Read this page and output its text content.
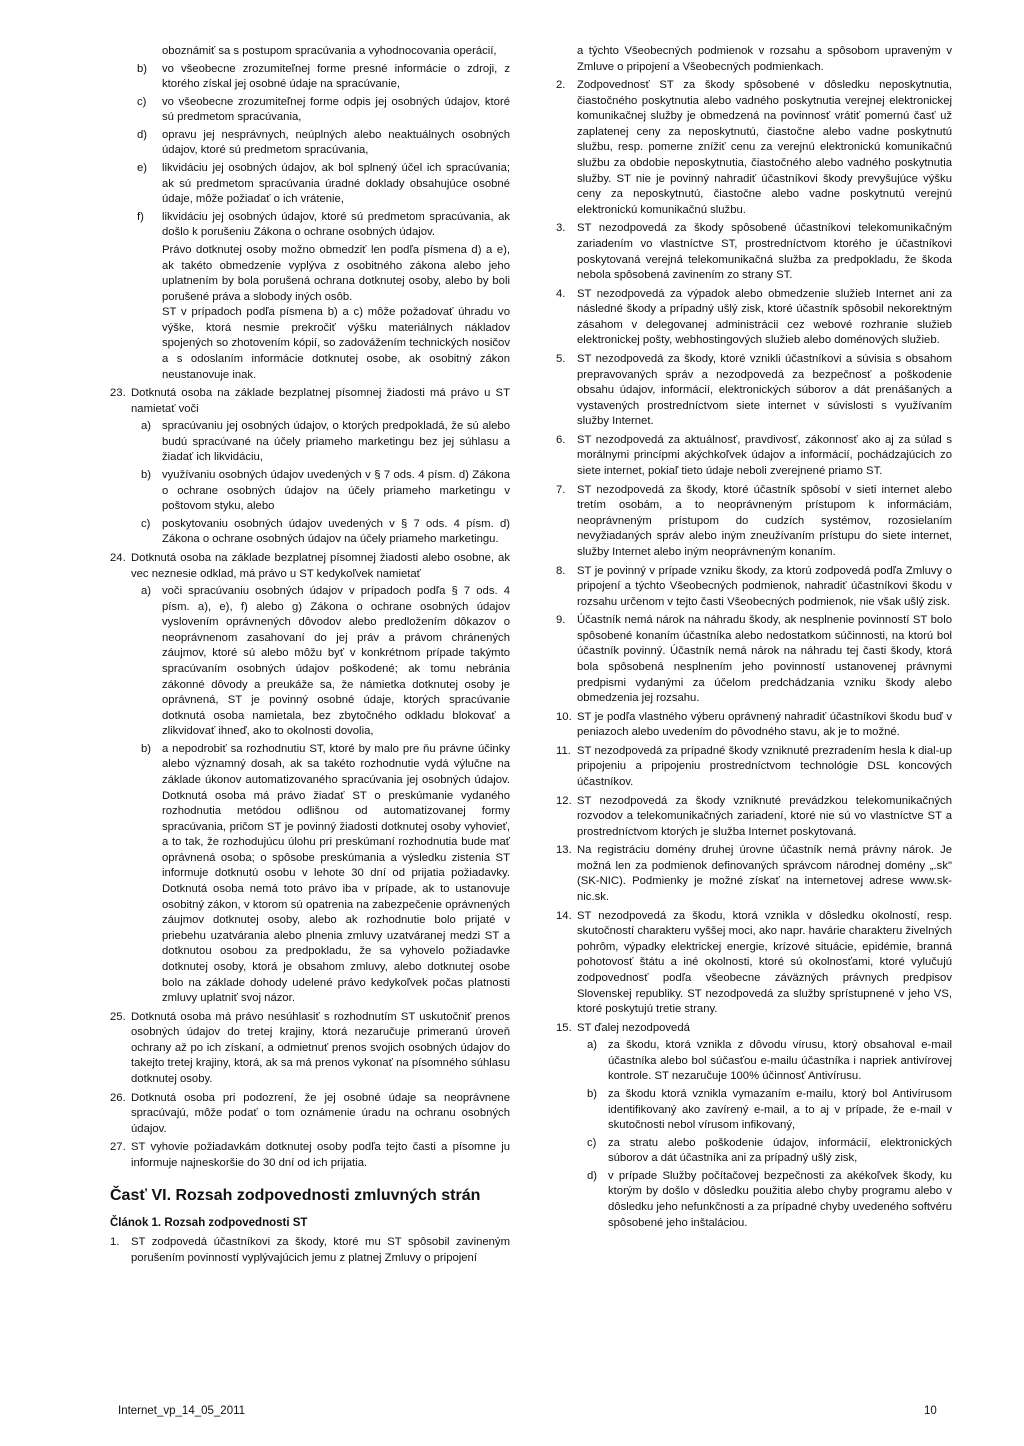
oboznámiť sa s postupom spracúvania a vyhodnocovania operácií,
b) vo všeobecne zrozumiteľnej forme presné informácie o zdroji, z ktorého získal jej osobné údaje na spracúvanie,
c) vo všeobecne zrozumiteľnej forme odpis jej osobných údajov, ktoré sú predmetom spracúvania,
d) opravu jej nesprávnych, neúplných alebo neaktuálnych osobných údajov, ktoré sú predmetom spracúvania,
e) likvidáciu jej osobných údajov, ak bol splnený účel ich spracúvania; ak sú predmetom spracúvania úradné doklady obsahujúce osobné údaje, môže požiadať o ich vrátenie,
f) likvidáciu jej osobných údajov, ktoré sú predmetom spracúvania, ak došlo k porušeniu Zákona o ochrane osobných údajov.
Právo dotknutej osoby možno obmedziť len podľa písmena d) a e), ak takéto obmedzenie vyplýva z osobitného zákona alebo jeho uplatnením by bola porušená ochrana dotknutej osoby, alebo by boli porušené práva a slobody iných osôb.
ST v prípadoch podľa písmena b) a c) môže požadovať úhradu vo výške, ktorá nesmie prekročiť výšku materiálnych nákladov spojených so zhotovením kópií, so zadovážením technických nosičov a s odoslaním informácie dotknutej osobe, ak osobitný zákon neustanovuje inak.
23. Dotknutá osoba na základe bezplatnej písomnej žiadosti má právo u ST namietať voči
a) spracúvaniu jej osobných údajov, o ktorých predpokladá, že sú alebo budú spracúvané na účely priameho marketingu bez jej súhlasu a žiadať ich likvidáciu,
b) využívaniu osobných údajov uvedených v § 7 ods. 4 písm. d) Zákona o ochrane osobných údajov na účely priameho marketingu v poštovom styku, alebo
c) poskytovaniu osobných údajov uvedených v § 7 ods. 4 písm. d) Zákona o ochrane osobných údajov na účely priameho marketingu.
24. Dotknutá osoba na základe bezplatnej písomnej žiadosti alebo osobne, ak vec neznesie odklad, má právo u ST kedykoľvek namietať
a) voči spracúvaniu osobných údajov v prípadoch podľa § 7 ods. 4 písm. a), e), f) alebo g) Zákona o ochrane osobných údajov vyslovením oprávnených dôvodov alebo predložením dôkazov o neoprávnenom zasahovaní do jej práv a právom chránených záujmov, ktoré sú alebo môžu byť v konkrétnom prípade takýmto spracúvaním osobných údajov poškodené; ak tomu nebránia zákonné dôvody a preukáže sa, že námietka dotknutej osoby je oprávnená, ST je povinný osobné údaje, ktorých spracúvanie dotknutá osoba namietala, bez zbytočného odkladu blokovať a zlikvidovať ihneď, ako to okolnosti dovolia,
b) a nepodrobiť sa rozhodnutiu ST, ktoré by malo pre ňu právne účinky alebo významný dosah, ak sa takéto rozhodnutie vydá výlučne na základe úkonov automatizovaného spracúvania jej osobných údajov. Dotknutá osoba má právo žiadať ST o preskúmanie vydaného rozhodnutia metódou odlišnou od automatizovanej formy spracúvania, pričom ST je povinný žiadosti dotknutej osoby vyhovieť, a to tak, že rozhodujúcu úlohu pri preskúmaní rozhodnutia bude mať oprávnená osoba; o spôsobe preskúmania a výsledku zistenia ST informuje dotknutú osobu v lehote 30 dní od prijatia požiadavky. Dotknutá osoba nemá toto právo iba v prípade, ak to ustanovuje osobitný zákon, v ktorom sú opatrenia na zabezpečenie oprávnených záujmov dotknutej osoby, alebo ak rozhodnutie bolo prijaté v priebehu uzatvárania alebo plnenia zmluvy uzatváranej medzi ST a dotknutou osobou za predpokladu, že sa vyhovelo požiadavke dotknutej osoby, ktorá je obsahom zmluvy, alebo dotknutej osobe bolo na základe dohody udelené právo kedykoľvek počas platnosti zmluvy uplatniť svoj názor.
25. Dotknutá osoba má právo nesúhlasiť s rozhodnutím ST uskutočniť prenos osobných údajov do tretej krajiny, ktorá nezaručuje primeranú úroveň ochrany až po ich získaní, a odmietnuť prenos svojich osobných údajov do takejto tretej krajiny, ktorá, ak sa má prenos vykonať na písomného súhlasu dotknutej osoby.
26. Dotknutá osoba pri podozrení, že jej osobné údaje sa neoprávnene spracúvajú, môže podať o tom oznámenie úradu na ochranu osobných údajov.
27. ST vyhovie požiadavkám dotknutej osoby podľa tejto časti a písomne ju informuje najneskoršie do 30 dní od ich prijatia.
Časť VI. Rozsah zodpovednosti zmluvných strán
Článok 1. Rozsah zodpovednosti ST
1. ST zodpovedá účastníkovi za škody, ktoré mu ST spôsobil zavineným porušením povinností vyplývajúcich jemu z platnej Zmluvy o pripojení
a týchto Všeobecných podmienok v rozsahu a spôsobom upraveným v Zmluve o pripojení a Všeobecných podmienkach.
2. Zodpovednosť ST za škody spôsobené v dôsledku neposkytnutia, čiastočného poskytnutia alebo vadného poskytnutia verejnej elektronickej komunikačnej služby je obmedzená na povinnosť vrátiť pomernú časť už zaplatenej ceny za neposkytnutú, čiastočne alebo vadne poskytnutú službu, resp. pomerne znížiť cenu za verejnú elektronickú komunikačnú službu za obdobie neposkytnutia, čiastočného alebo vadného poskytnutia služby. ST nie je povinný nahradiť účastníkovi škody prevyšujúce výšku ceny za neposkytnutú, čiastočne alebo vadne poskytnutú verejnú elektronickú komunikačnú službu.
3. ST nezodpovedá za škody spôsobené účastníkovi telekomunikačným zariadením vo vlastníctve ST, prostredníctvom ktorého je účastníkovi poskytovaná verejná telekomunikačná služba za predpokladu, že škoda nebola spôsobená zavinením zo strany ST.
4. ST nezodpovedá za výpadok alebo obmedzenie služieb Internet ani za následné škody a prípadný ušlý zisk, ktoré účastník spôsobil nekorektným zásahom v delegovanej administrácii cez webové rozhranie služieb elektronickej pošty, webhostingových služieb alebo doménových služieb.
5. ST nezodpovedá za škody, ktoré vznikli účastníkovi a súvisia s obsahom prepravovaných správ a nezodpovedá za bezpečnosť a poškodenie obsahu údajov, informácií, elektronických súborov a dát prenášaných a vystavených prostredníctvom siete internet v súvislosti s využívaním služby Internet.
6. ST nezodpovedá za aktuálnosť, pravdivosť, zákonnosť ako aj za súlad s morálnymi princípmi akýchkoľvek údajov a informácií, pochádzajúcich zo siete internet, pokiaľ tieto údaje neboli zverejnené priamo ST.
7. ST nezodpovedá za škody, ktoré účastník spôsobí v sieti internet alebo tretím osobám, a to neoprávneným prístupom k informáciám, neoprávneným prístupom do cudzích systémov, rozosielaním nevyžiadaných správ alebo iným zneužívaním prístupu do siete internet, služby Internet alebo iným neoprávneným konaním.
8. ST je povinný v prípade vzniku škody, za ktorú zodpovedá podľa Zmluvy o pripojení a týchto Všeobecných podmienok, nahradiť účastníkovi škodu v rozsahu určenom v tejto časti Všeobecných podmienok, nie však ušlý zisk.
9. Účastník nemá nárok na náhradu škody, ak nesplnenie povinností ST bolo spôsobené konaním účastníka alebo nedostatkom súčinnosti, na ktorú bol účastník povinný. Účastník nemá nárok na náhradu tej časti škody, ktorá bola spôsobená nesplnením jeho povinností ustanovenej právnymi predpismi vydanými za účelom predchádzania vzniku škody alebo obmedzenia jej rozsahu.
10. ST je podľa vlastného výberu oprávnený nahradiť účastníkovi škodu buď v peniazoch alebo uvedením do pôvodného stavu, ak je to možné.
11. ST nezodpovedá za prípadné škody vzniknuté prezradením hesla k dial-up pripojeniu a pripojeniu prostredníctvom technológie DSL koncových účastníkov.
12. ST nezodpovedá za škody vzniknuté prevádzkou telekomunikačných rozvodov a telekomunikačných zariadení, ktoré nie sú vo vlastníctve ST a prostredníctvom ktorých je služba Internet poskytovaná.
13. Na registráciu domény druhej úrovne účastník nemá právny nárok. Je možná len za podmienok definovaných správcom národnej domény „.sk" (SK-NIC). Podmienky je možné získať na internetovej adrese www.sk-nic.sk.
14. ST nezodpovedá za škodu, ktorá vznikla v dôsledku okolností, resp. skutočností charakteru vyššej moci, ako napr. havárie charakteru živelných pohrôm, výpadky elektrickej energie, krízové situácie, epidémie, branná pohotovosť štátu a iné okolnosti, ktoré sú okolnosťami, ktoré vylučujú zodpovednosť podľa všeobecne záväzných právnych predpisov Slovenskej republiky. ST nezodpovedá za služby sprístupnené v jeho VS, ktoré poskytujú tretie strany.
15. ST ďalej nezodpovedá
a) za škodu, ktorá vznikla z dôvodu vírusu, ktorý obsahoval e-mail účastníka alebo bol súčasťou e-mailu účastníka i napriek antivírovej kontrole. ST nezaručuje 100% účinnosť Antivírusu.
b) za škodu ktorá vznikla vymazaním e-mailu, ktorý bol Antivírusom identifikovaný ako zavírený e-mail, a to aj v prípade, že e-mail v skutočnosti nebol vírusom infikovaný,
c) za stratu alebo poškodenie údajov, informácií, elektronických súborov a dát účastníka ani za prípadný ušlý zisk,
d) v prípade Služby počítačovej bezpečnosti za akékoľvek škody, ku ktorým by došlo v dôsledku použitia alebo chyby programu alebo v dôsledku jeho nefunkčnosti a za prípadné chyby uvedeného softvéru spôsobené jeho inštaláciou.
Internet_vp_14_05_2011	10
